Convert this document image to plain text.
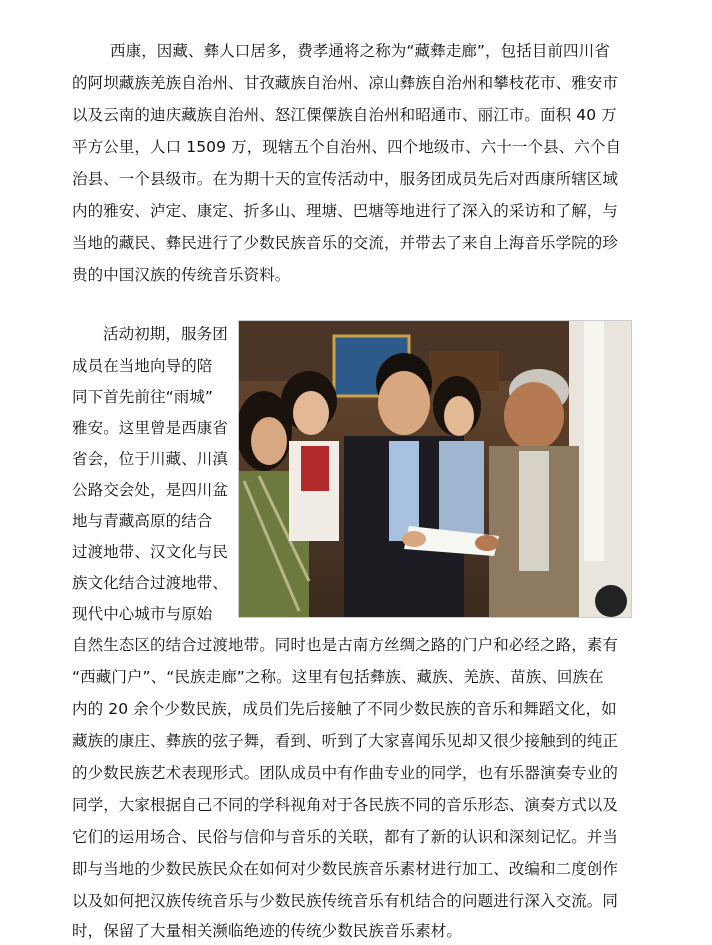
西康，因藏、彝人口居多，费孝通将之称为“藏彝走廊”，包括目前四川省
的阿坝藏族羌族自治州、甘孜藏族自治州、凉山彝族自治州和攀枝花市、雅安市
以及云南的迪庆藏族自治州、怒江傈僳族自治州和昭通市、丽江市。面积 40 万
平方公里，人口 1509 万，现辖五个自治州、四个地级市、六十一个县、六个自
治县、一个县级市。在为期十天的宣传活动中，服务团成员先后对西康所辖区域
内的雅安、泸定、康定、折多山、理塘、巴塘等地进行了深入的采访和了解，与
当地的藏民、彝民进行了少数民族音乐的交流，并带去了来自上海音乐学院的珍
贵的中国汉族的传统音乐资料。
活动初期，服务团
成员在当地向导的陪
同下首先前往“雨城”
雅安。这里曾是西康省
省会，位于川藏、川滇
公路交会处，是四川盆
地与青藏高原的结合
过渡地带、汉文化与民
族文化结合过渡地带、
现代中心城市与原始
自然生态区的结合过渡地带。同时也是古南方丝绸之路的门户和必经之路，素有
“西藏门户”、“民族走廊”之称。这里有包括彝族、藏族、羌族、苗族、回族在
内的 20 余个少数民族，成员们先后接触了不同少数民族的音乐和舞蹈文化，如
藏族的康庄、彝族的弦子舞，看到、听到了大家喜闻乐见却又很少接触到的纯正
的少数民族艺术表现形式。团队成员中有作曲专业的同学，也有乐器演奏专业的
同学，大家根据自己不同的学科视角对于各民族不同的音乐形态、演奏方式以及
它们的运用场合、民俗与信仰与音乐的关联，都有了新的认识和深刻记忆。并当
即与当地的少数民族民众在如何对少数民族音乐素材进行加工、改编和二度创作
以及如何把汉族传统音乐与少数民族传统音乐有机结合的问题进行深入交流。同
时，保留了大量相关濒临绝迹的传统少数民族音乐素材。
